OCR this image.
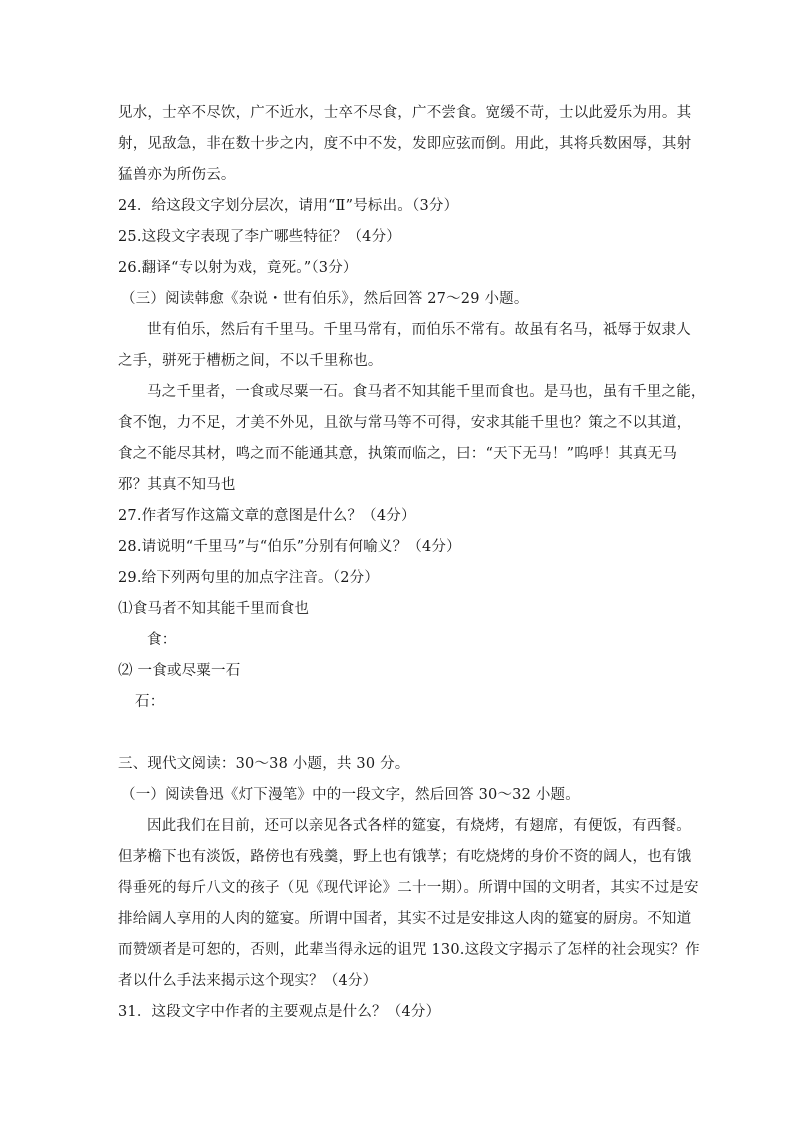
见水，士卒不尽饮，广不近水，士卒不尽食，广不尝食。宽缓不苛，士以此爱乐为用。其
射，见敌急，非在数十步之内，度不中不发，发即应弦而倒。用此，其将兵数困辱，其射
猛兽亦为所伤云。
24．给这段文字划分层次，请用“Ⅱ”号标出。（3分）
25.这段文字表现了李广哪些特征？（4分）
26.翻译“专以射为戏，竟死。”（3分）
（三）阅读韩愈《杂说・世有伯乐》，然后回答 27～29 小题。
世有伯乐，然后有千里马。千里马常有，而伯乐不常有。故虽有名马，祗辱于奴隶人
之手，骈死于槽枥之间，不以千里称也。
马之千里者，一食或尽粟一石。食马者不知其能千里而食也。是马也，虽有千里之能，
食不饱，力不足，才美不外见，且欲与常马等不可得，安求其能千里也？策之不以其道，
食之不能尽其材，鸣之而不能通其意，执策而临之，曰：“天下无马！”呜呼！其真无马
邪？其真不知马也
27.作者写作这篇文章的意图是什么？（4分）
28.请说明“千里马”与“伯乐”分别有何喻义？（4分）
29.给下列两句里的加点字注音。（2分）
⑴食马者不知其能千里而食也
食：
⑵ 一食或尽粟一石
石：
三、现代文阅读：30～38 小题，共 30 分。
（一）阅读鲁迅《灯下漫笔》中的一段文字，然后回答 30～32 小题。
因此我们在目前，还可以亲见各式各样的筵宴，有烧烤，有翅席，有便饭，有西餐。
但茅檐下也有淡饭，路傍也有残羹，野上也有饿莩；有吃烧烤的身价不资的阔人，也有饿
得垂死的每斤八文的孩子（见《现代评论》二十一期）。所谓中国的文明者，其实不过是安
排给阔人享用的人肉的筵宴。所谓中国者，其实不过是安排这人肉的筵宴的厨房。不知道
而赞颂者是可恕的，否则，此辈当得永远的诅咒 130.这段文字揭示了怎样的社会现实？作
者以什么手法来揭示这个现实？（4分）
31．这段文字中作者的主要观点是什么？（4分）
